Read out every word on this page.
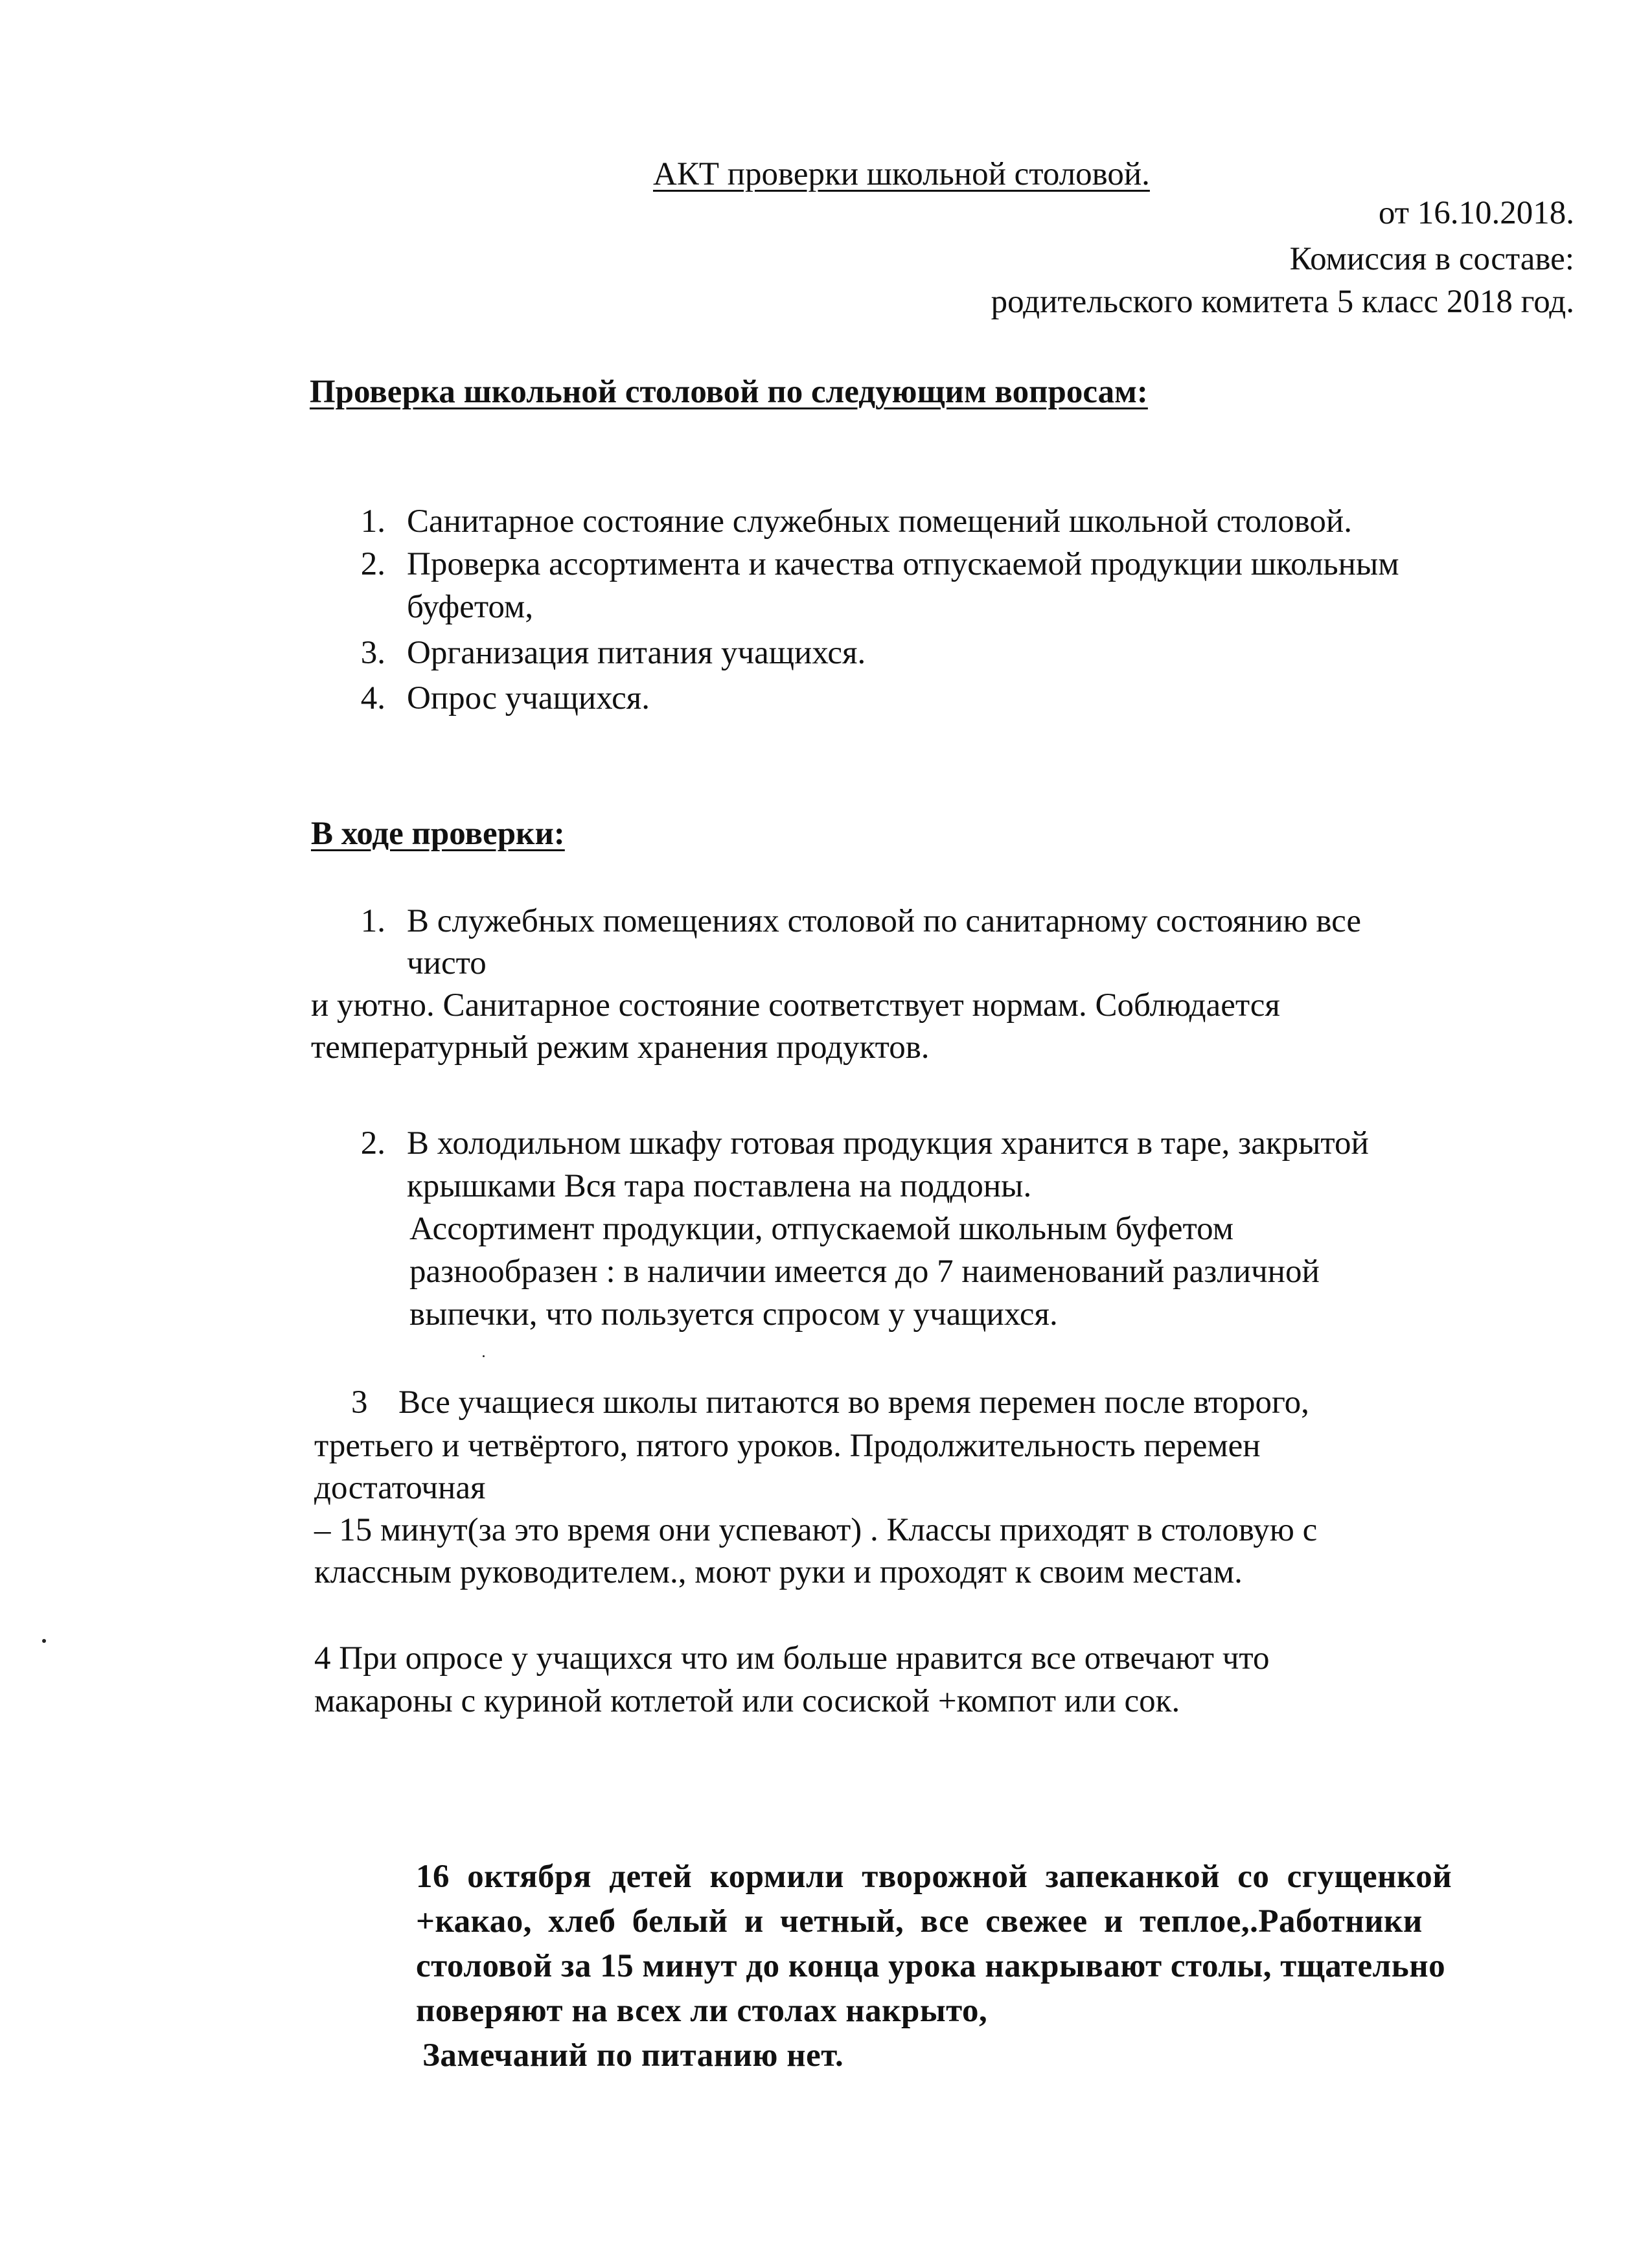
АКТ проверки школьной столовой.
от 16.10.2018.
Комиссия в составе:
родительского комитета 5 класс 2018 год.
Проверка школьной столовой по следующим вопросам:
1. Санитарное состояние служебных помещений школьной столовой.
2. Проверка ассортимента и качества отпускаемой продукции школьным
буфетом,
3. Организация питания учащихся.
4. Опрос учащихся.
В ходе проверки:
1. В служебных помещениях столовой по санитарному состоянию все
чисто
и уютно. Санитарное состояние соответствует нормам. Соблюдается
температурный режим хранения продуктов.
2. В холодильном шкафу готовая продукция хранится в таре, закрытой
крышками Вся тара поставлена на поддоны.
Ассортимент продукции, отпускаемой школьным буфетом
разнообразен : в наличии имеется до 7 наименований различной
выпечки, что пользуется спросом у учащихся.
3 Все учащиеся школы питаются во время перемен после второго,
третьего и четвёртого, пятого уроков. Продолжительность перемен
достаточная
– 15 минут(за это время они успевают) . Классы приходят в столовую с
классным руководителем., моют руки и проходят к своим местам.
4 При опросе у учащихся что им больше нравится все отвечают что
макароны с куриной котлетой или сосиской +компот или сок.
16 октября детей кормили творожной запеканкой со сгущенкой
+какао, хлеб белый и четный, все свежее и теплое,.Работники
столовой за 15 минут до конца урока накрывают столы, тщательно
поверяют на всех ли столах накрыто,
Замечаний по питанию нет.
